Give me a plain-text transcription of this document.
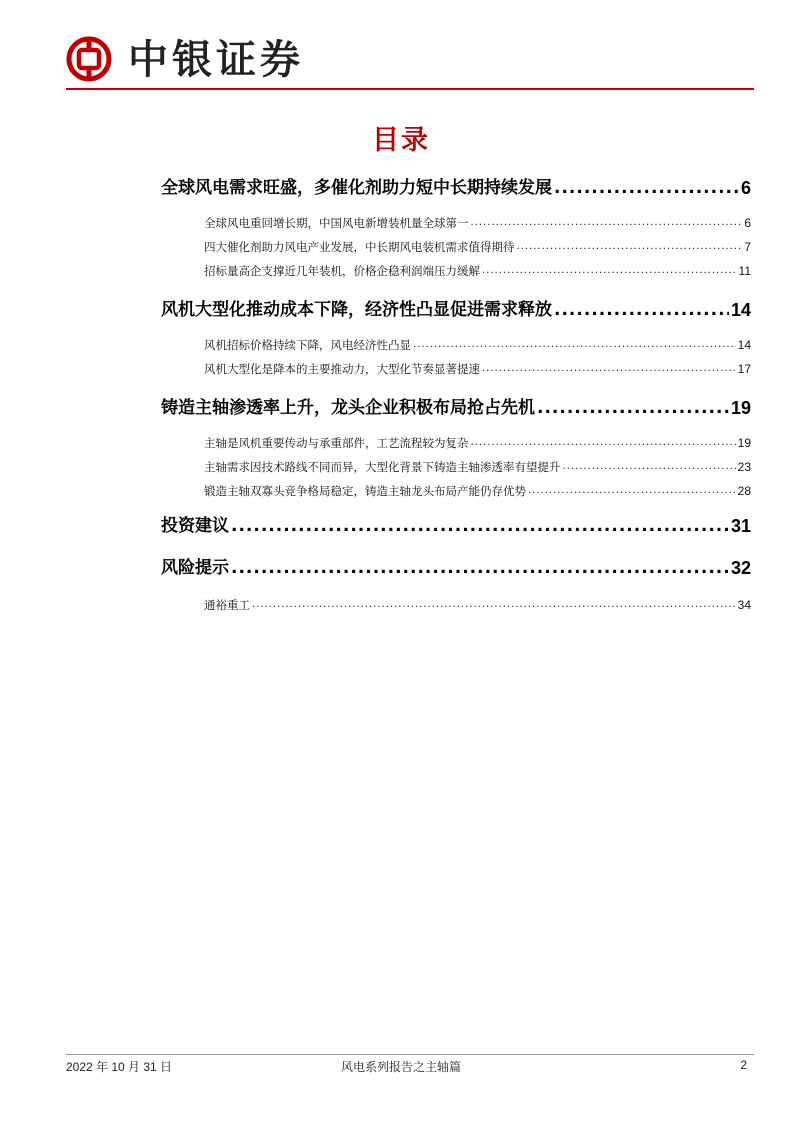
中银证券
目录
全球风电需求旺盛，多催化剂助力短中长期持续发展 .....	6
全球风电重回增长期，中国风电新增装机量全球第一 .....	6
四大催化剂助力风电产业发展，中长期风电装机需求值得期待 .....	7
招标量高企支撑近几年装机，价格企稳利润端压力缓解 .....	11
风机大型化推动成本下降，经济性凸显促进需求释放 .....	14
风机招标价格持续下降，风电经济性凸显 .....	14
风机大型化是降本的主要推动力，大型化节奏显著提速 .....	17
铸造主轴渗透率上升，龙头企业积极布局抢占先机 .....	19
主轴是风机重要传动与承重部件，工艺流程较为复杂 .....	19
主轴需求因技术路线不同而异，大型化背景下铸造主轴渗透率有望提升 .....	23
锻造主轴双寡头竞争格局稳定，铸造主轴龙头布局产能仍存优势 .....	28
投资建议 .....	31
风险提示 .....	32
通裕重工 .....	34
2022 年 10 月 31 日	风电系列报告之主轴篇	2
